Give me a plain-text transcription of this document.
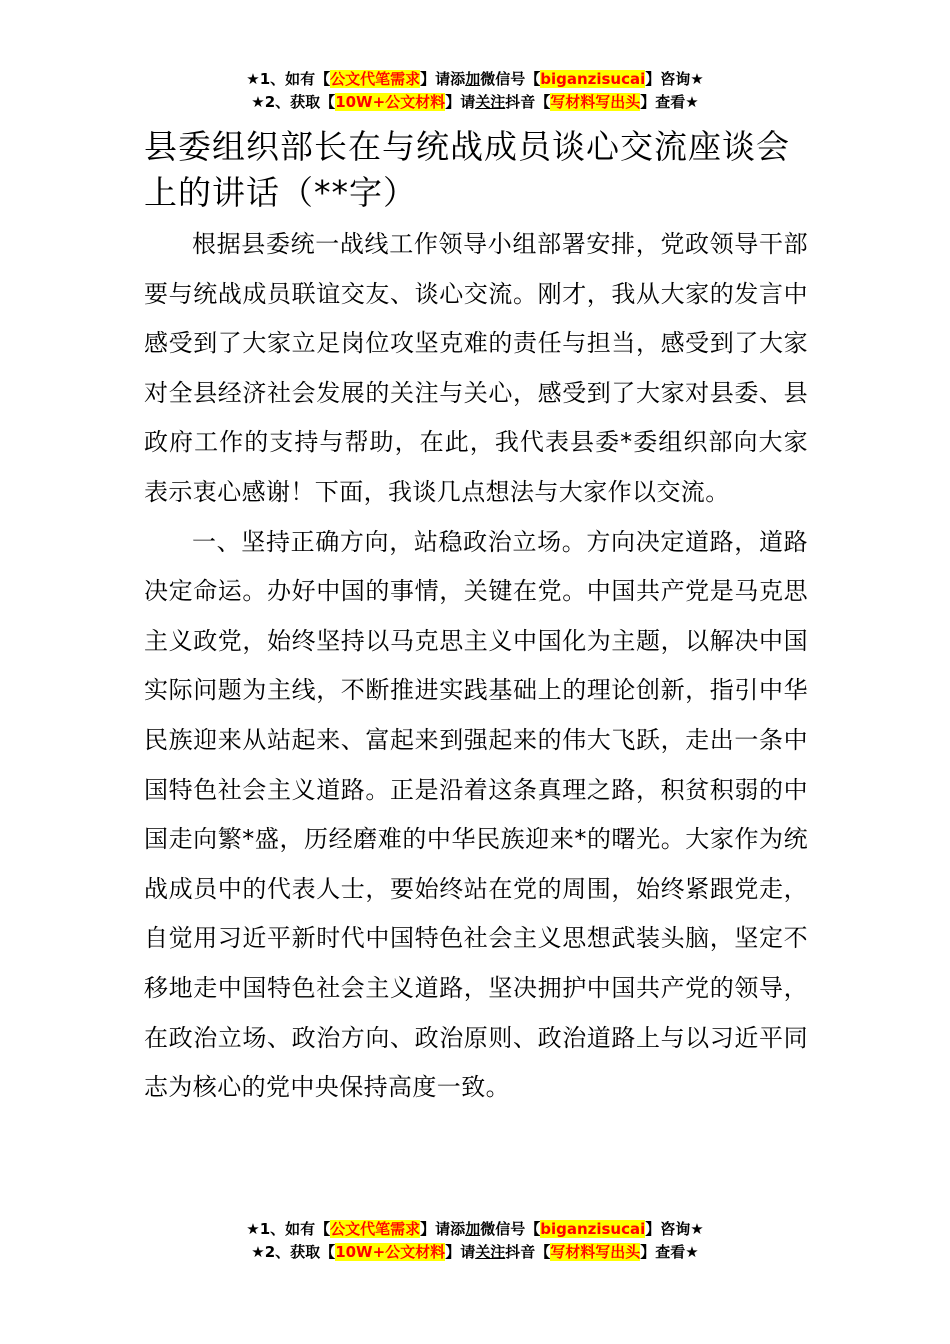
★1、如有【公文代笔需求】请添加微信号【biganzisucai】咨询★
★2、获取【10W+公文材料】请关注抖音【写材料写出头】查看★
县委组织部长在与统战成员谈心交流座谈会上的讲话（**字）

根据县委统一战线工作领导小组部署安排，党政领导干部要与统战成员联谊交友、谈心交流。刚才，我从大家的发言中感受到了大家立足岗位攻坚克难的责任与担当，感受到了大家对全县经济社会发展的关注与关心，感受到了大家对县委、县政府工作的支持与帮助，在此，我代表县委*委组织部向大家表示衷心感谢！下面，我谈几点想法与大家作以交流。

一、坚持正确方向，站稳政治立场。方向决定道路，道路决定命运。办好中国的事情，关键在党。中国共产党是马克思主义政党，始终坚持以马克思主义中国化为主题，以解决中国实际问题为主线，不断推进实践基础上的理论创新，指引中华民族迎来从站起来、富起来到强起来的伟大飞跃，走出一条中国特色社会主义道路。正是沿着这条真理之路，积贫积弱的中国走向繁*盛，历经磨难的中华民族迎来*的曙光。大家作为统战成员中的代表人士，要始终站在党的周围，始终紧跟党走，自觉用习近平新时代中国特色社会主义思想武装头脑，坚定不移地走中国特色社会主义道路，坚决拥护中国共产党的领导，在政治立场、政治方向、政治原则、政治道路上与以习近平同志为核心的党中央保持高度一致。

★1、如有【公文代笔需求】请添加微信号【biganzisucai】咨询★
★2、获取【10W+公文材料】请关注抖音【写材料写出头】查看★
